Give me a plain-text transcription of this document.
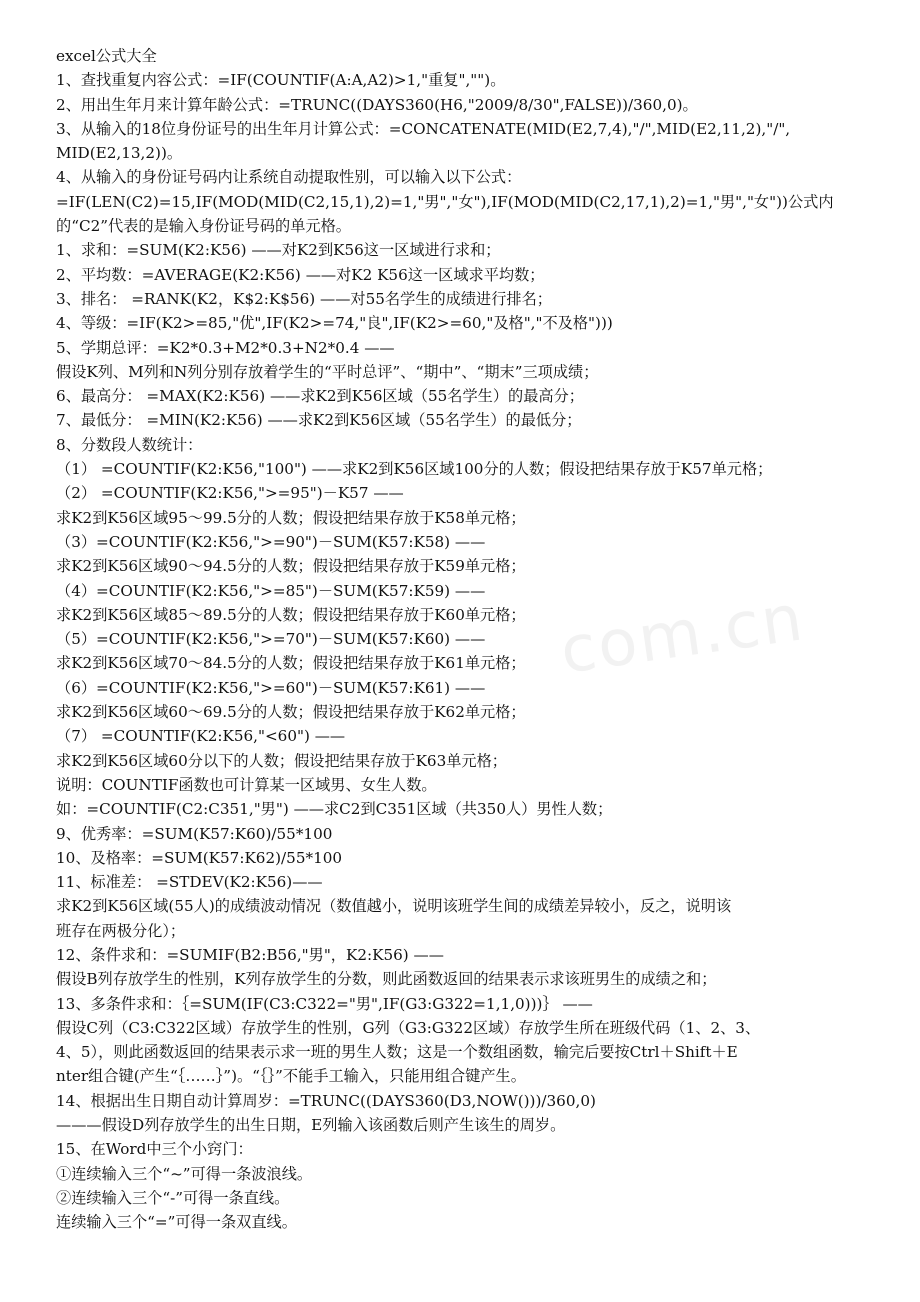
excel公式大全
1、查找重复内容公式：=IF(COUNTIF(A:A,A2)>1,"重复","")。
2、用出生年月来计算年龄公式：=TRUNC((DAYS360(H6,"2009/8/30",FALSE))/360,0)。
3、从输入的18位身份证号的出生年月计算公式：=CONCATENATE(MID(E2,7,4),"/",MID(E2,11,2),"/",
MID(E2,13,2))。
4、从输入的身份证号码内让系统自动提取性别，可以输入以下公式：
=IF(LEN(C2)=15,IF(MOD(MID(C2,15,1),2)=1,"男","女"),IF(MOD(MID(C2,17,1),2)=1,"男","女"))公式内
的“C2”代表的是输入身份证号码的单元格。
1、求和：=SUM(K2:K56) ——对K2到K56这一区域进行求和；
2、平均数：=AVERAGE(K2:K56) ——对K2 K56这一区域求平均数；
3、排名： =RANK(K2，K$2:K$56) ——对55名学生的成绩进行排名；
4、等级：=IF(K2>=85,"优",IF(K2>=74,"良",IF(K2>=60,"及格","不及格")))
5、学期总评：=K2*0.3+M2*0.3+N2*0.4 ——
假设K列、M列和N列分别存放着学生的“平时总评”、“期中”、“期末”三项成绩；
6、最高分： =MAX(K2:K56) ——求K2到K56区域（55名学生）的最高分；
7、最低分： =MIN(K2:K56) ——求K2到K56区域（55名学生）的最低分；
8、分数段人数统计：
（1） =COUNTIF(K2:K56,"100") ——求K2到K56区域100分的人数；假设把结果存放于K57单元格；
（2） =COUNTIF(K2:K56,">=95")－K57 ——
求K2到K56区域95～99.5分的人数；假设把结果存放于K58单元格；
（3）=COUNTIF(K2:K56,">=90")－SUM(K57:K58) ——
求K2到K56区域90～94.5分的人数；假设把结果存放于K59单元格；
（4）=COUNTIF(K2:K56,">=85")－SUM(K57:K59) ——
求K2到K56区域85～89.5分的人数；假设把结果存放于K60单元格；
（5）=COUNTIF(K2:K56,">=70")－SUM(K57:K60) ——
求K2到K56区域70～84.5分的人数；假设把结果存放于K61单元格；
（6）=COUNTIF(K2:K56,">=60")－SUM(K57:K61) ——
求K2到K56区域60～69.5分的人数；假设把结果存放于K62单元格；
（7） =COUNTIF(K2:K56,"<60") ——
求K2到K56区域60分以下的人数；假设把结果存放于K63单元格；
说明：COUNTIF函数也可计算某一区域男、女生人数。
如：=COUNTIF(C2:C351,"男") ——求C2到C351区域（共350人）男性人数；
9、优秀率：=SUM(K57:K60)/55*100
10、及格率：=SUM(K57:K62)/55*100
11、标准差： =STDEV(K2:K56)——
求K2到K56区域(55人)的成绩波动情况（数值越小，说明该班学生间的成绩差异较小，反之，说明该
班存在两极分化）；
12、条件求和：=SUMIF(B2:B56,"男"，K2:K56) ——
假设B列存放学生的性别，K列存放学生的分数，则此函数返回的结果表示求该班男生的成绩之和；
13、多条件求和：｛=SUM(IF(C3:C322="男",IF(G3:G322=1,1,0)))｝ ——
假设C列（C3:C322区域）存放学生的性别，G列（G3:G322区域）存放学生所在班级代码（1、2、3、
4、5），则此函数返回的结果表示求一班的男生人数；这是一个数组函数，输完后要按Ctrl＋Shift＋E
nter组合键(产生“｛……｝”)。“｛｝”不能手工输入，只能用组合键产生。
14、根据出生日期自动计算周岁：=TRUNC((DAYS360(D3,NOW()))/360,0)
———假设D列存放学生的出生日期，E列输入该函数后则产生该生的周岁。
15、在Word中三个小窍门：
①连续输入三个“~”可得一条波浪线。
②连续输入三个“-”可得一条直线。
连续输入三个“=”可得一条双直线。
com.cn
